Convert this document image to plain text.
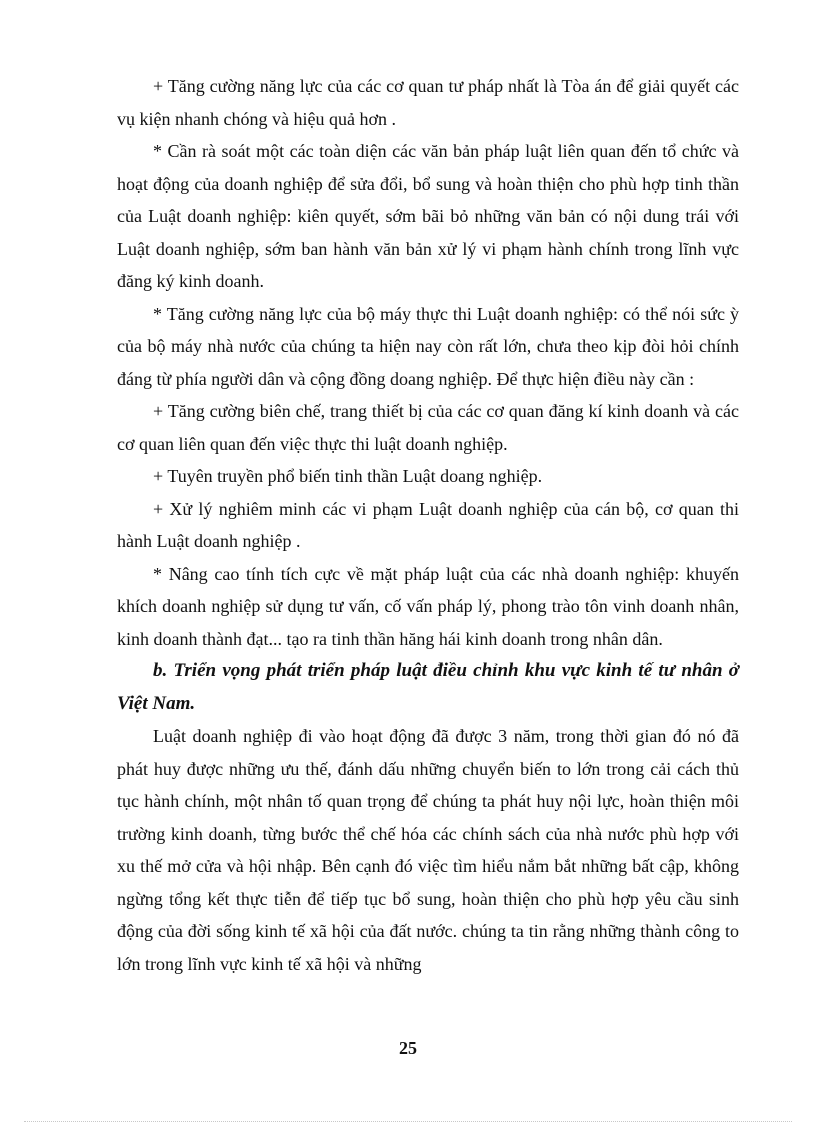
+ Tăng cường năng lực của các cơ quan tư pháp nhất là Tòa án để giải quyết các vụ kiện nhanh chóng và hiệu quả hơn .

* Cần rà soát một các toàn diện các văn bản pháp luật liên quan đến tổ chức và hoạt động của doanh nghiệp để sửa đổi, bổ sung và hoàn thiện cho phù hợp tinh thần của Luật doanh nghiệp: kiên quyết, sớm bãi bỏ những văn bản có nội dung trái với Luật doanh nghiệp, sớm ban hành văn bản xử lý vi phạm hành chính trong lĩnh vực đăng ký kinh doanh.

* Tăng cường năng lực của bộ máy thực thi Luật doanh nghiệp: có thể nói sức ỳ của bộ máy nhà nước của chúng ta hiện nay còn rất lớn, chưa theo kịp đòi hỏi chính đáng từ phía người dân và cộng đồng doang nghiệp. Để thực hiện điều này cần :

+ Tăng cường biên chế, trang thiết bị của các cơ quan đăng kí kinh doanh và các cơ quan liên quan đến việc thực thi luật doanh nghiệp.

+ Tuyên truyền phổ biến tinh thần Luật doang nghiệp.

+ Xử lý nghiêm minh các vi phạm Luật doanh nghiệp của cán bộ, cơ quan thi hành Luật doanh nghiệp .

* Nâng cao tính tích cực về mặt pháp luật của các nhà doanh nghiệp: khuyến khích doanh nghiệp sử dụng tư vấn, cố vấn pháp lý, phong trào tôn vinh doanh nhân, kinh doanh thành đạt... tạo ra tinh thần hăng hái kinh doanh trong nhân dân.

b. Triển vọng phát triển pháp luật điều chỉnh khu vực kinh tế tư nhân ở Việt Nam.

Luật doanh nghiệp đi vào hoạt động đã được 3 năm, trong thời gian đó nó đã phát huy được những ưu thế, đánh dấu những chuyển biến to lớn trong cải cách thủ tục hành chính, một nhân tố quan trọng để chúng ta phát huy nội lực, hoàn thiện môi trường kinh doanh, từng bước thể chế hóa các chính sách của nhà nước phù hợp với xu thế mở cửa và hội nhập. Bên cạnh đó việc tìm hiểu nắm bắt những bất cập, không ngừng tổng kết thực tiễn để tiếp tục bổ sung, hoàn thiện cho phù hợp yêu cầu sinh động của đời sống kinh tế xã hội của đất nước. chúng ta tin rằng những thành công to lớn trong lĩnh vực kinh tế xã hội và những

25
